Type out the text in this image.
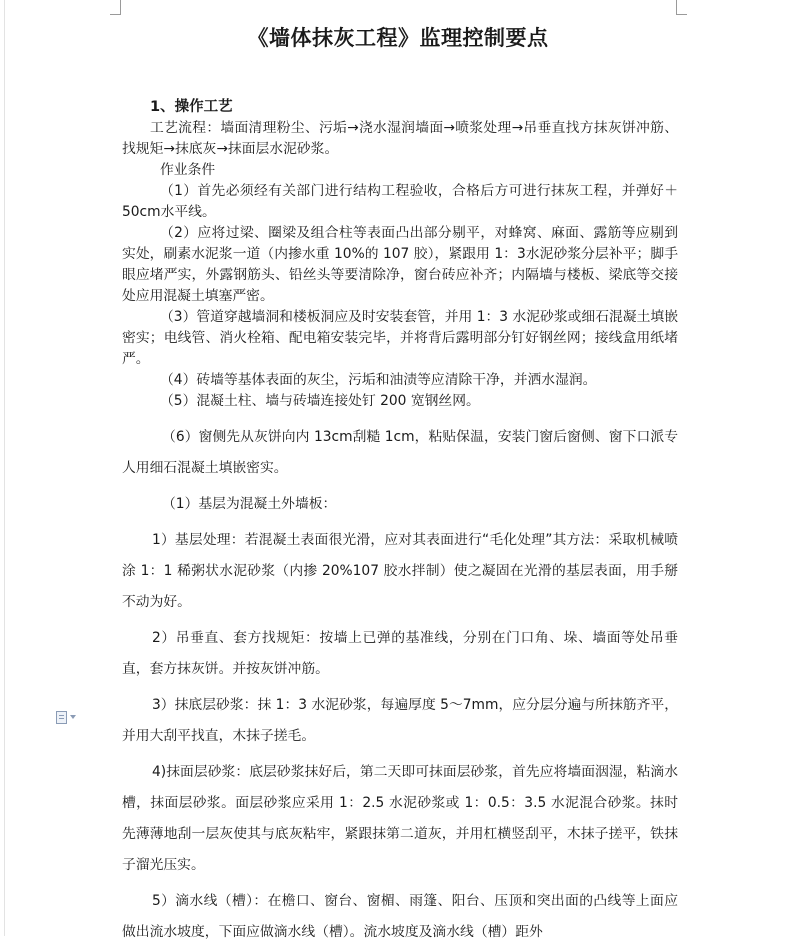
《墙体抹灰工程》监理控制要点
1、操作工艺

工艺流程：墙面清理粉尘、污垢→浇水湿润墙面→喷浆处理→吊垂直找方抹灰饼冲筋、找规矩→抹底灰→抹面层水泥砂浆。

作业条件

（1）首先必须经有关部门进行结构工程验收，合格后方可进行抹灰工程，并弹好＋50cm水平线。

（2）应将过梁、圈梁及组合柱等表面凸出部分剔平，对蜂窝、麻面、露筋等应剔到实处，刷素水泥浆一道（内掺水重 10%的 107 胶），紧跟用 1：3水泥砂浆分层补平；脚手眼应堵严实，外露钢筋头、铅丝头等要清除净，窗台砖应补齐；内隔墙与楼板、梁底等交接处应用混凝土填塞严密。

（3）管道穿越墙洞和楼板洞应及时安装套管，并用 1：3 水泥砂浆或细石混凝土填嵌密实；电线管、消火栓箱、配电箱安装完毕，并将背后露明部分钉好钢丝网；接线盒用纸堵严。

（4）砖墙等基体表面的灰尘，污垢和油渍等应清除干净，并洒水湿润。

（5）混凝土柱、墙与砖墙连接处钉 200 宽钢丝网。

（6）窗侧先从灰饼向内 13cm刮糙 1cm，粘贴保温，安装门窗后窗侧、窗下口派专人用细石混凝土填嵌密实。

（1）基层为混凝土外墙板：

1）基层处理：若混凝土表面很光滑，应对其表面进行“毛化处理”其方法：采取机械喷涂 1：1 稀粥状水泥砂浆（内掺 20%107 胶水拌制）使之凝固在光滑的基层表面，用手掰不动为好。

2）吊垂直、套方找规矩：按墙上已弹的基准线，分别在门口角、垛、墙面等处吊垂直，套方抹灰饼。并按灰饼冲筋。

3）抹底层砂浆：抹 1：3 水泥砂浆，每遍厚度 5～7mm，应分层分遍与所抹筋齐平，并用大刮平找直，木抹子搓毛。

4)抹面层砂浆：底层砂浆抹好后，第二天即可抹面层砂浆，首先应将墙面洇湿，粘滴水槽，抹面层砂浆。面层砂浆应采用 1：2.5 水泥砂浆或 1：0.5：3.5 水泥混合砂浆。抹时先薄薄地刮一层灰使其与底灰粘牢，紧跟抹第二道灰，并用杠横竖刮平，木抹子搓平，铁抹子溜光压实。

5）滴水线（槽）：在檐口、窗台、窗楣、雨篷、阳台、压顶和突出面的凸线等上面应做出流水坡度，下面应做滴水线（槽）。流水坡度及滴水线（槽）距外
